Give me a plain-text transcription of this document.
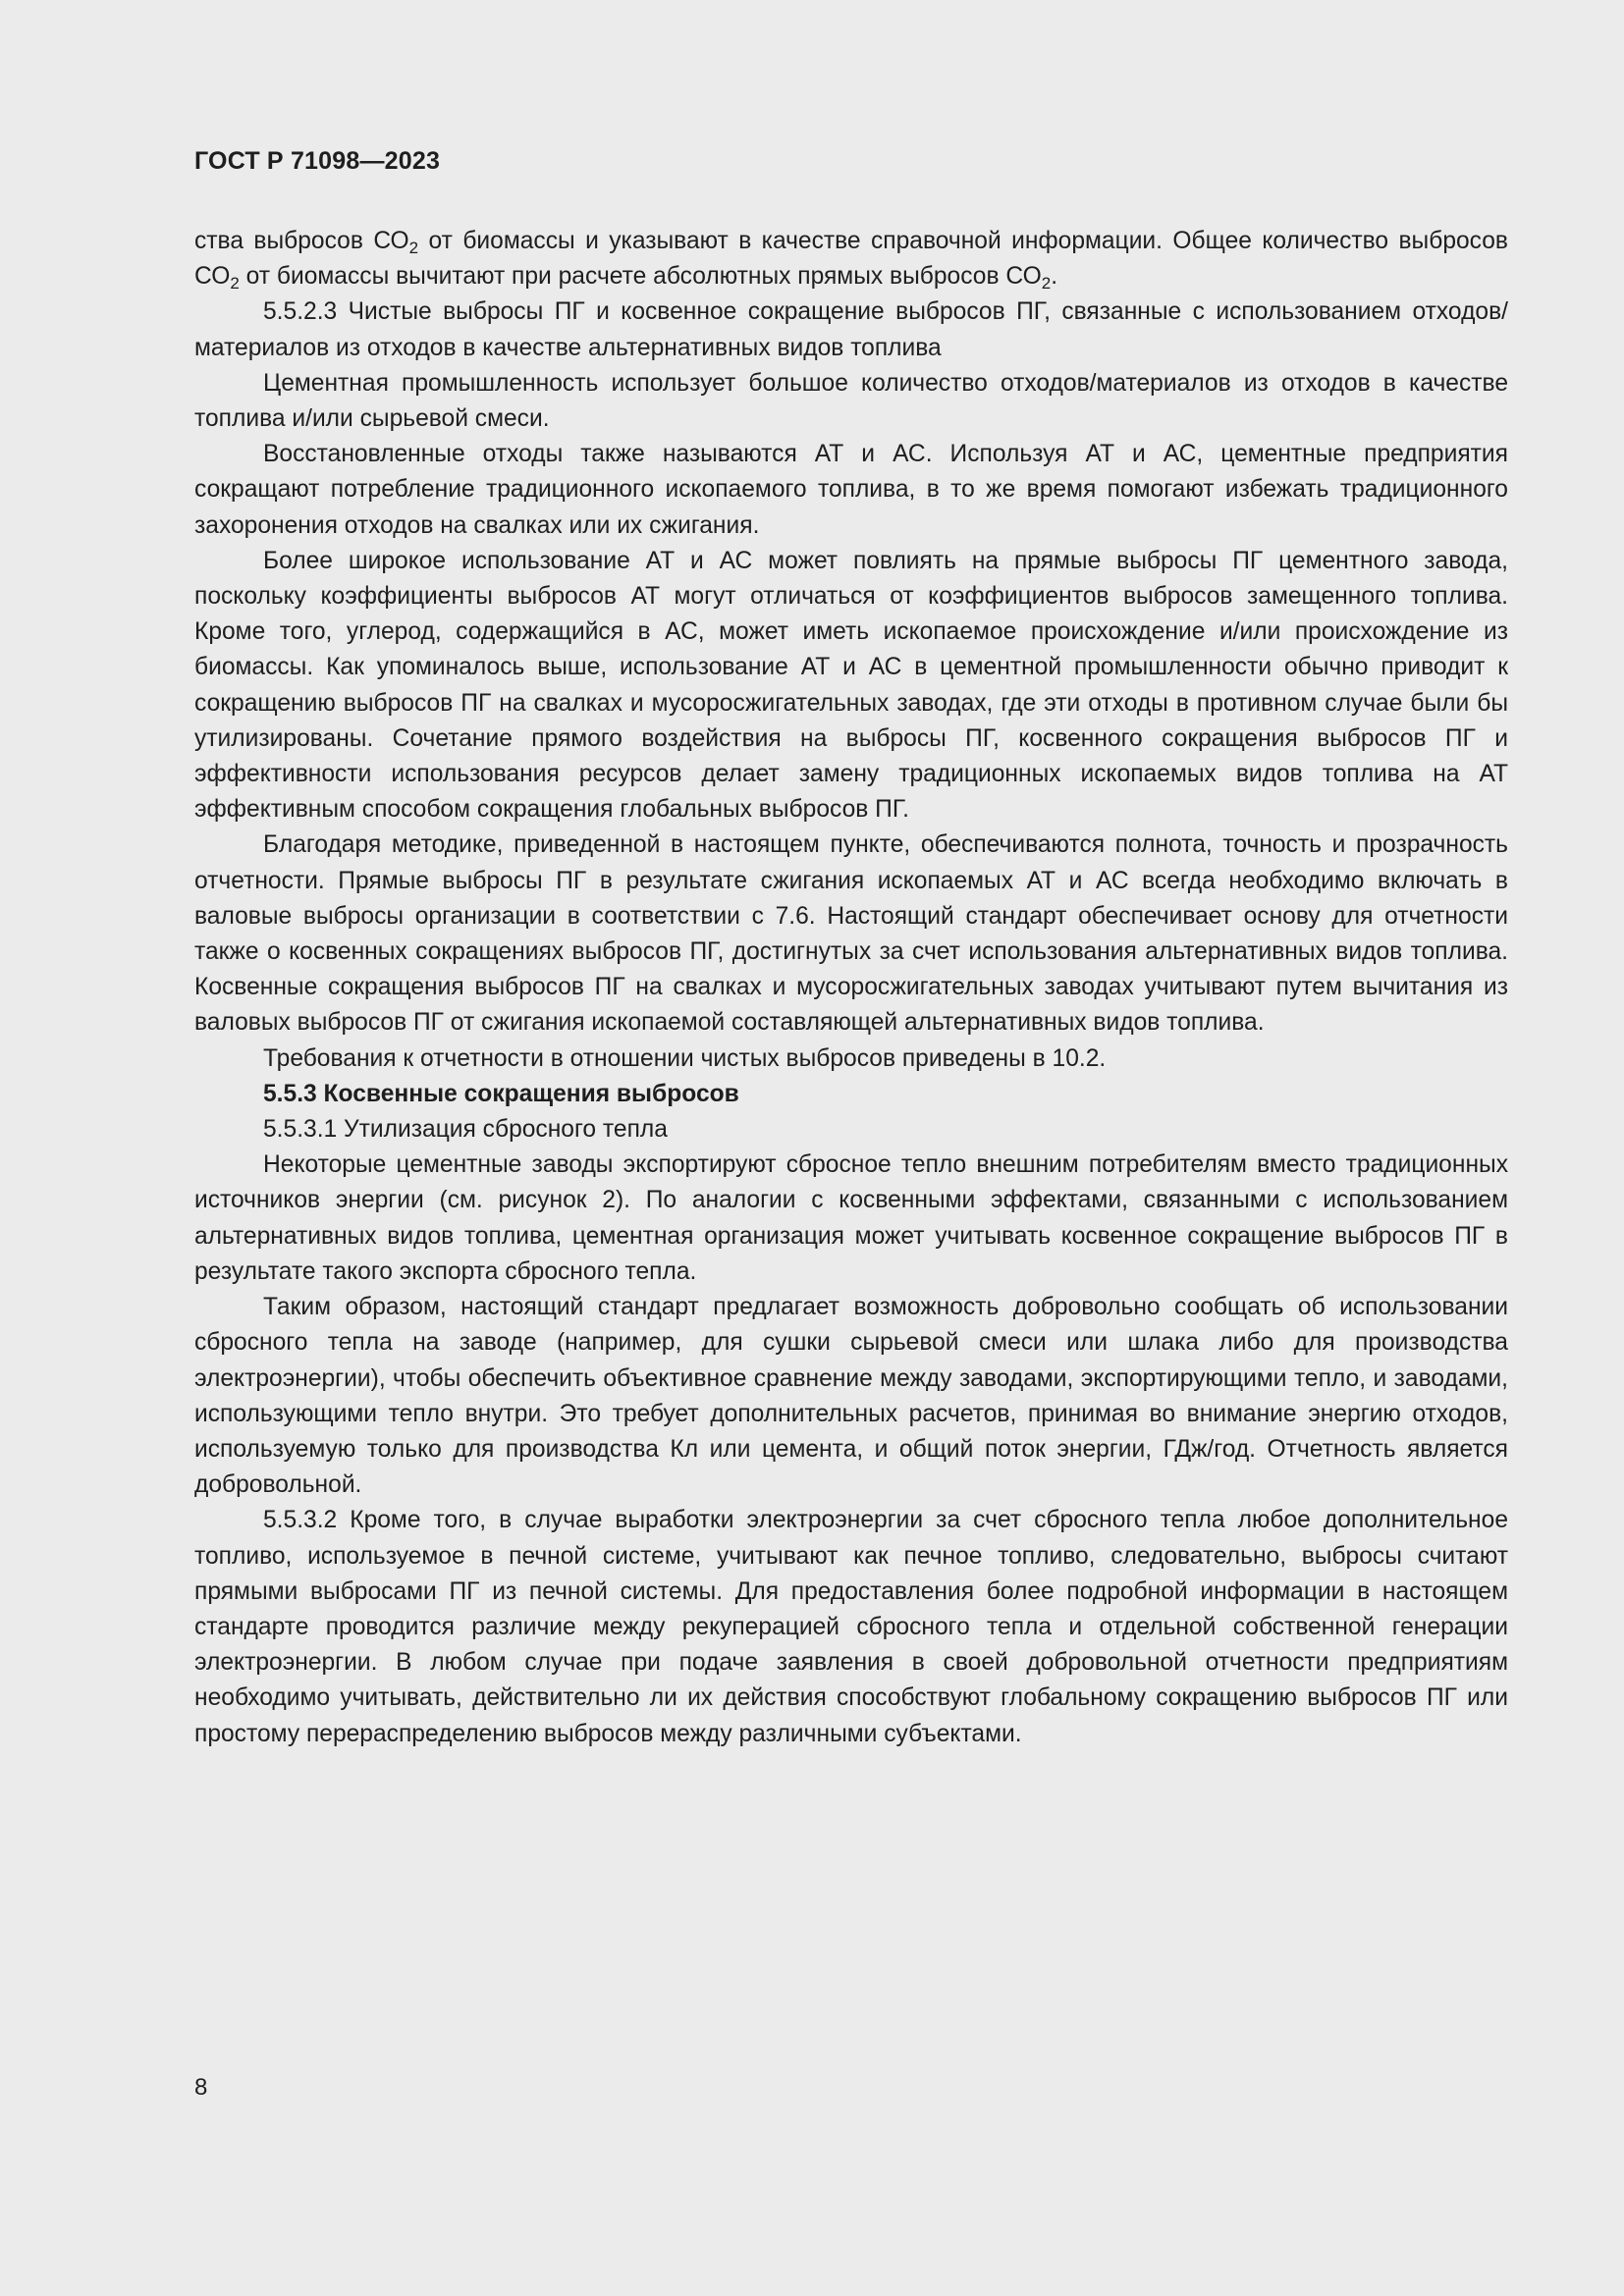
ГОСТ Р 71098—2023

ства выбросов $СО_2$ от биомассы и указывают в качестве справочной информации. Общее количество выбросов $СО_2$ от биомассы вычитают при расчете абсолютных прямых выбросов $СО_2$.

5.5.2.3 Чистые выбросы ПГ и косвенное сокращение выбросов ПГ, связанные с использованием отходов/материалов из отходов в качестве альтернативных видов топлива

Цементная промышленность использует большое количество отходов/материалов из отходов в качестве топлива и/или сырьевой смеси.

Восстановленные отходы также называются АТ и АС. Используя АТ и АС, цементные предприятия сокращают потребление традиционного ископаемого топлива, в то же время помогают избежать традиционного захоронения отходов на свалках или их сжигания.

Более широкое использование АТ и АС может повлиять на прямые выбросы ПГ цементного завода, поскольку коэффициенты выбросов АТ могут отличаться от коэффициентов выбросов замещенного топлива. Кроме того, углерод, содержащийся в АС, может иметь ископаемое происхождение и/или происхождение из биомассы. Как упоминалось выше, использование АТ и АС в цементной промышленности обычно приводит к сокращению выбросов ПГ на свалках и мусоросжигательных заводах, где эти отходы в противном случае были бы утилизированы. Сочетание прямого воздействия на выбросы ПГ, косвенного сокращения выбросов ПГ и эффективности использования ресурсов делает замену традиционных ископаемых видов топлива на АТ эффективным способом сокращения глобальных выбросов ПГ.

Благодаря методике, приведенной в настоящем пункте, обеспечиваются полнота, точность и прозрачность отчетности. Прямые выбросы ПГ в результате сжигания ископаемых АТ и АС всегда необходимо включать в валовые выбросы организации в соответствии с 7.6. Настоящий стандарт обеспечивает основу для отчетности также о косвенных сокращениях выбросов ПГ, достигнутых за счет использования альтернативных видов топлива. Косвенные сокращения выбросов ПГ на свалках и мусоросжигательных заводах учитывают путем вычитания из валовых выбросов ПГ от сжигания ископаемой составляющей альтернативных видов топлива.

Требования к отчетности в отношении чистых выбросов приведены в 10.2.

5.5.3 Косвенные сокращения выбросов

5.5.3.1 Утилизация сбросного тепла

Некоторые цементные заводы экспортируют сбросное тепло внешним потребителям вместо традиционных источников энергии (см. рисунок 2). По аналогии с косвенными эффектами, связанными с использованием альтернативных видов топлива, цементная организация может учитывать косвенное сокращение выбросов ПГ в результате такого экспорта сбросного тепла.

Таким образом, настоящий стандарт предлагает возможность добровольно сообщать об использовании сбросного тепла на заводе (например, для сушки сырьевой смеси или шлака либо для производства электроэнергии), чтобы обеспечить объективное сравнение между заводами, экспортирующими тепло, и заводами, использующими тепло внутри. Это требует дополнительных расчетов, принимая во внимание энергию отходов, используемую только для производства Кл или цемента, и общий поток энергии, ГДж/год. Отчетность является добровольной.

5.5.3.2 Кроме того, в случае выработки электроэнергии за счет сбросного тепла любое дополнительное топливо, используемое в печной системе, учитывают как печное топливо, следовательно, выбросы считают прямыми выбросами ПГ из печной системы. Для предоставления более подробной информации в настоящем стандарте проводится различие между рекуперацией сбросного тепла и отдельной собственной генерации электроэнергии. В любом случае при подаче заявления в своей добровольной отчетности предприятиям необходимо учитывать, действительно ли их действия способствуют глобальному сокращению выбросов ПГ или простому перераспределению выбросов между различными субъектами.

8
